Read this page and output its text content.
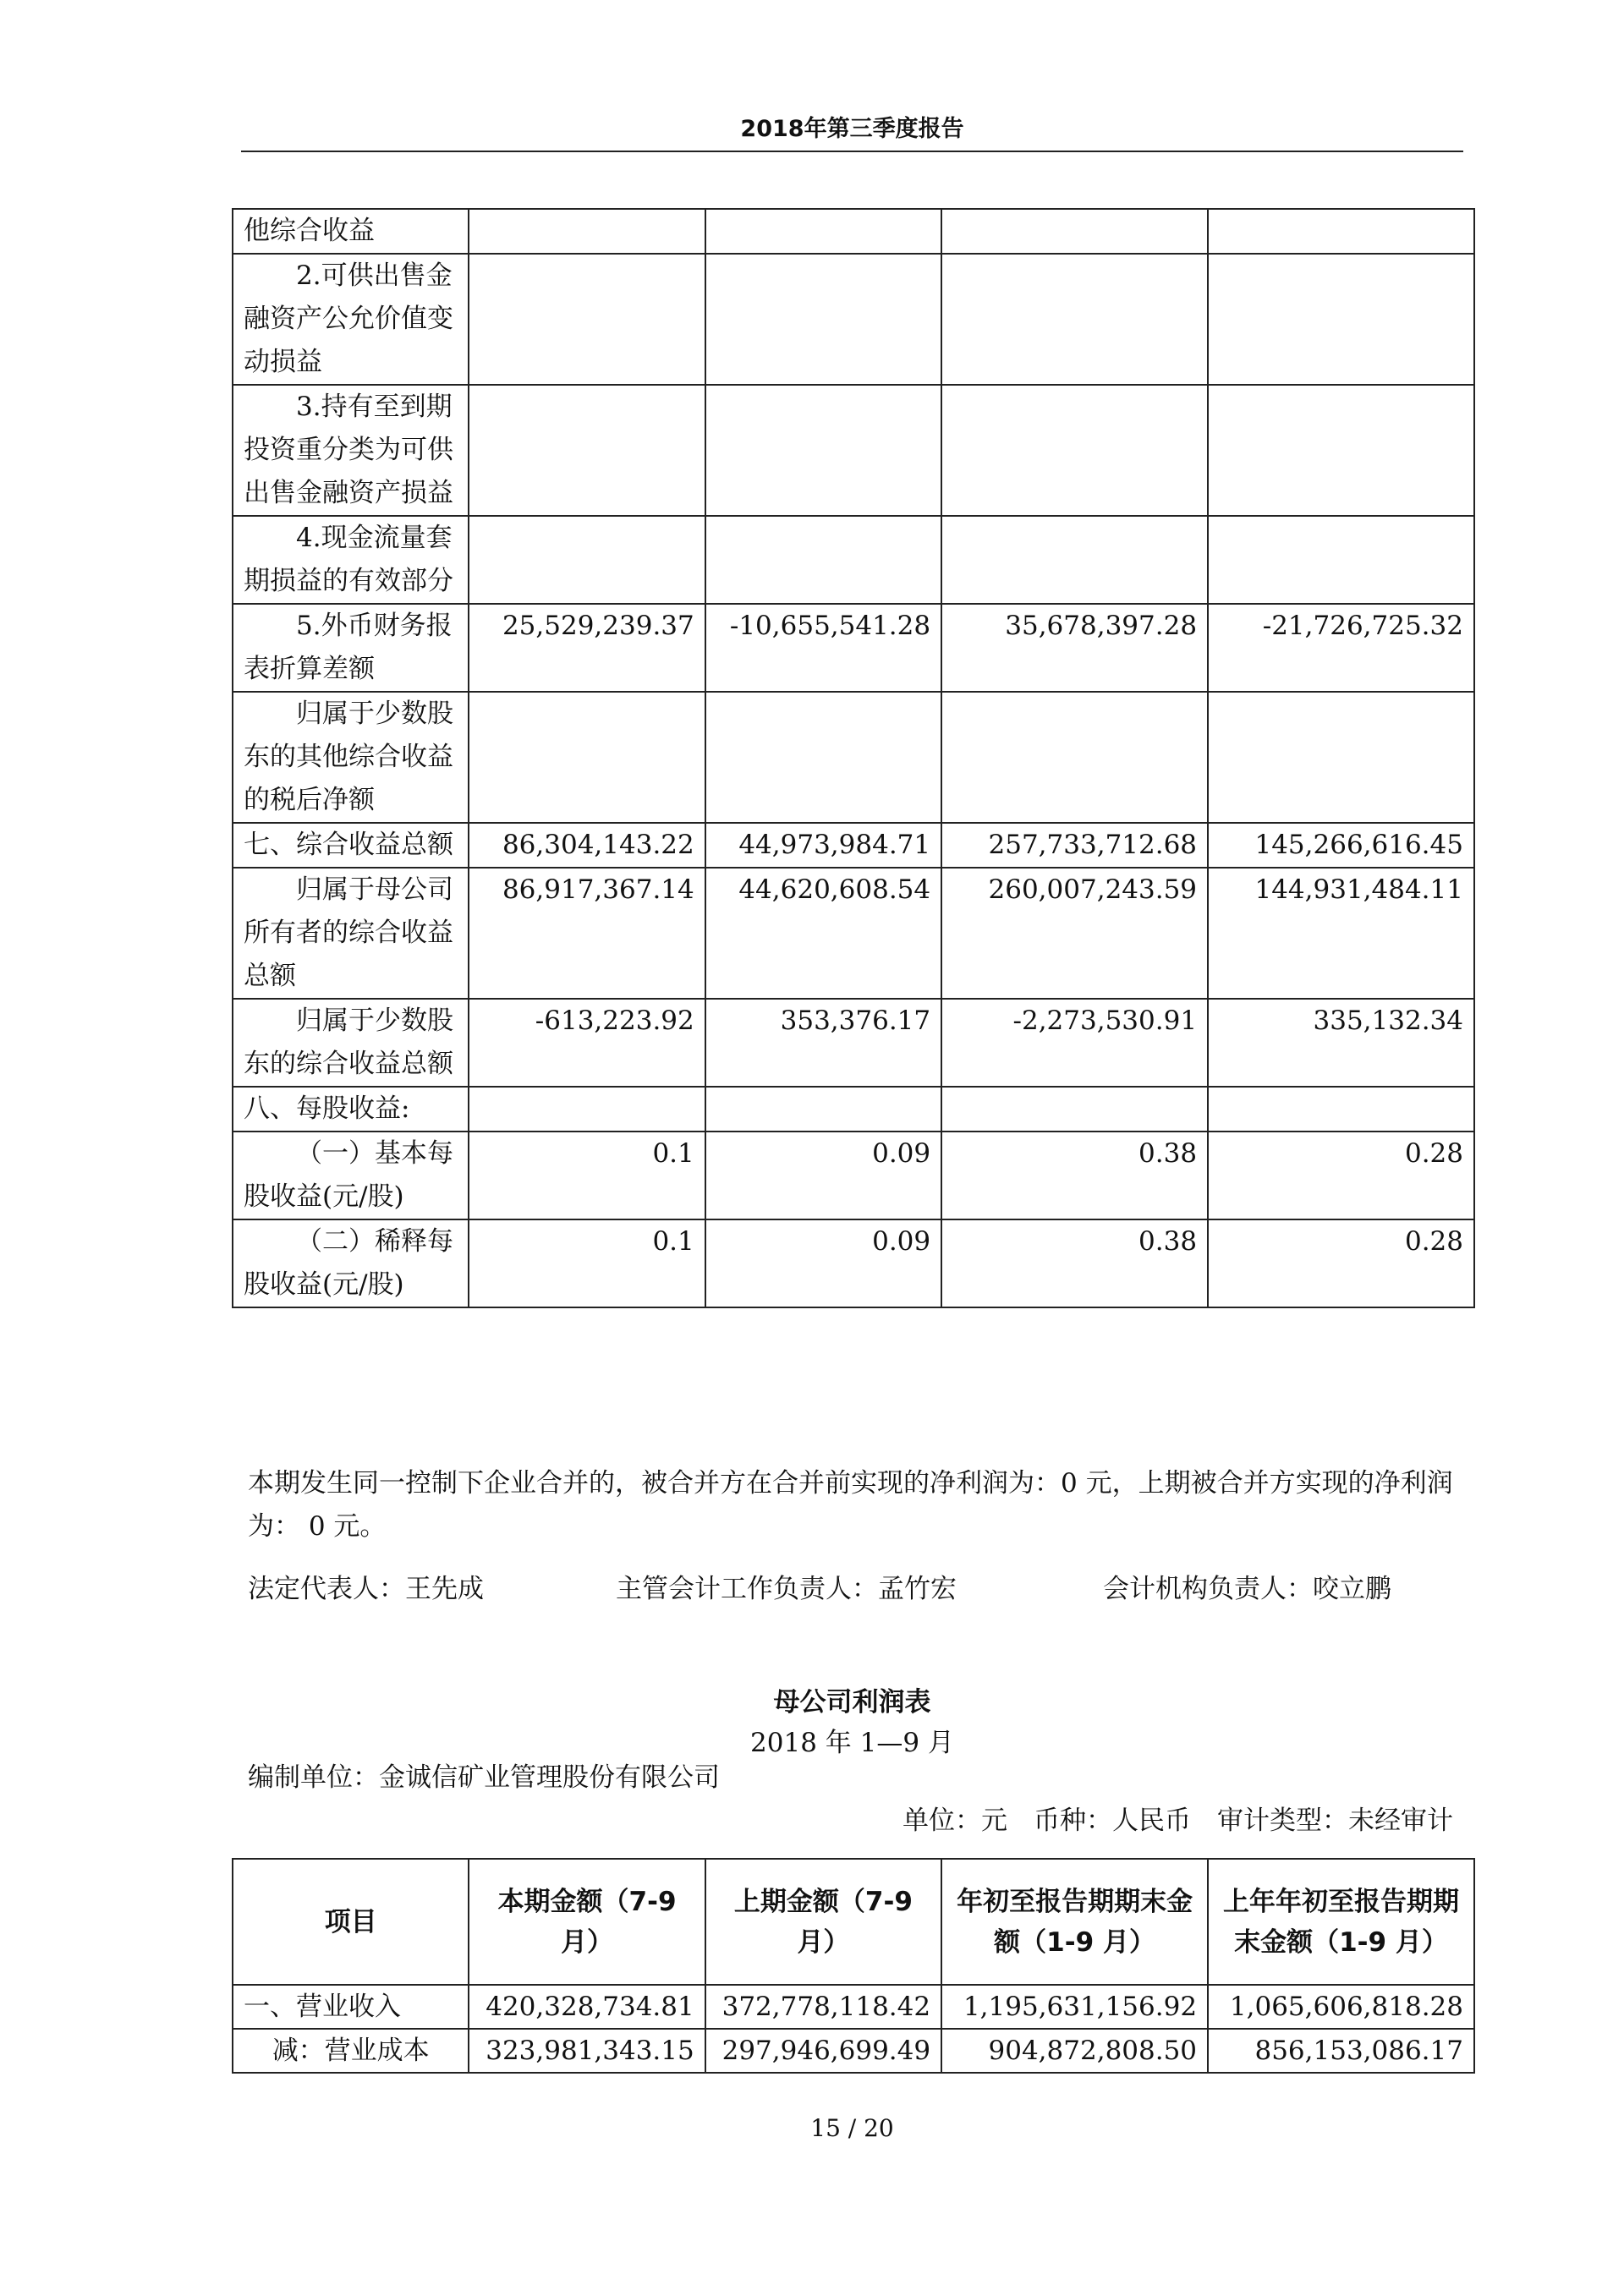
2018年第三季度报告
他综合收益				
2.可供出售金融资产公允价值变动损益				
3.持有至到期投资重分类为可供出售金融资产损益				
4.现金流量套期损益的有效部分				
5.外币财务报表折算差额	25,529,239.37	-10,655,541.28	35,678,397.28	-21,726,725.32
归属于少数股东的其他综合收益的税后净额				
七、综合收益总额	86,304,143.22	44,973,984.71	257,733,712.68	145,266,616.45
归属于母公司所有者的综合收益总额	86,917,367.14	44,620,608.54	260,007,243.59	144,931,484.11
归属于少数股东的综合收益总额	-613,223.92	353,376.17	-2,273,530.91	335,132.34
八、每股收益:				
（一）基本每股收益(元/股)	0.1	0.09	0.38	0.28
（二）稀释每股收益(元/股)	0.1	0.09	0.38	0.28
本期发生同一控制下企业合并的，被合并方在合并前实现的净利润为：0 元，上期被合并方实现的净利润为： 0 元。
法定代表人：王先成	主管会计工作负责人：孟竹宏	会计机构负责人：咬立鹏
母公司利润表
2018 年 1—9 月
编制单位：金诚信矿业管理股份有限公司
单位：元　币种：人民币　审计类型：未经审计
项目	本期金额（7-9 月）	上期金额（7-9 月）	年初至报告期期末金额（1-9 月）	上年年初至报告期期末金额（1-9 月）
一、营业收入	420,328,734.81	372,778,118.42	1,195,631,156.92	1,065,606,818.28
减：营业成本	323,981,343.15	297,946,699.49	904,872,808.50	856,153,086.17
15 / 20
